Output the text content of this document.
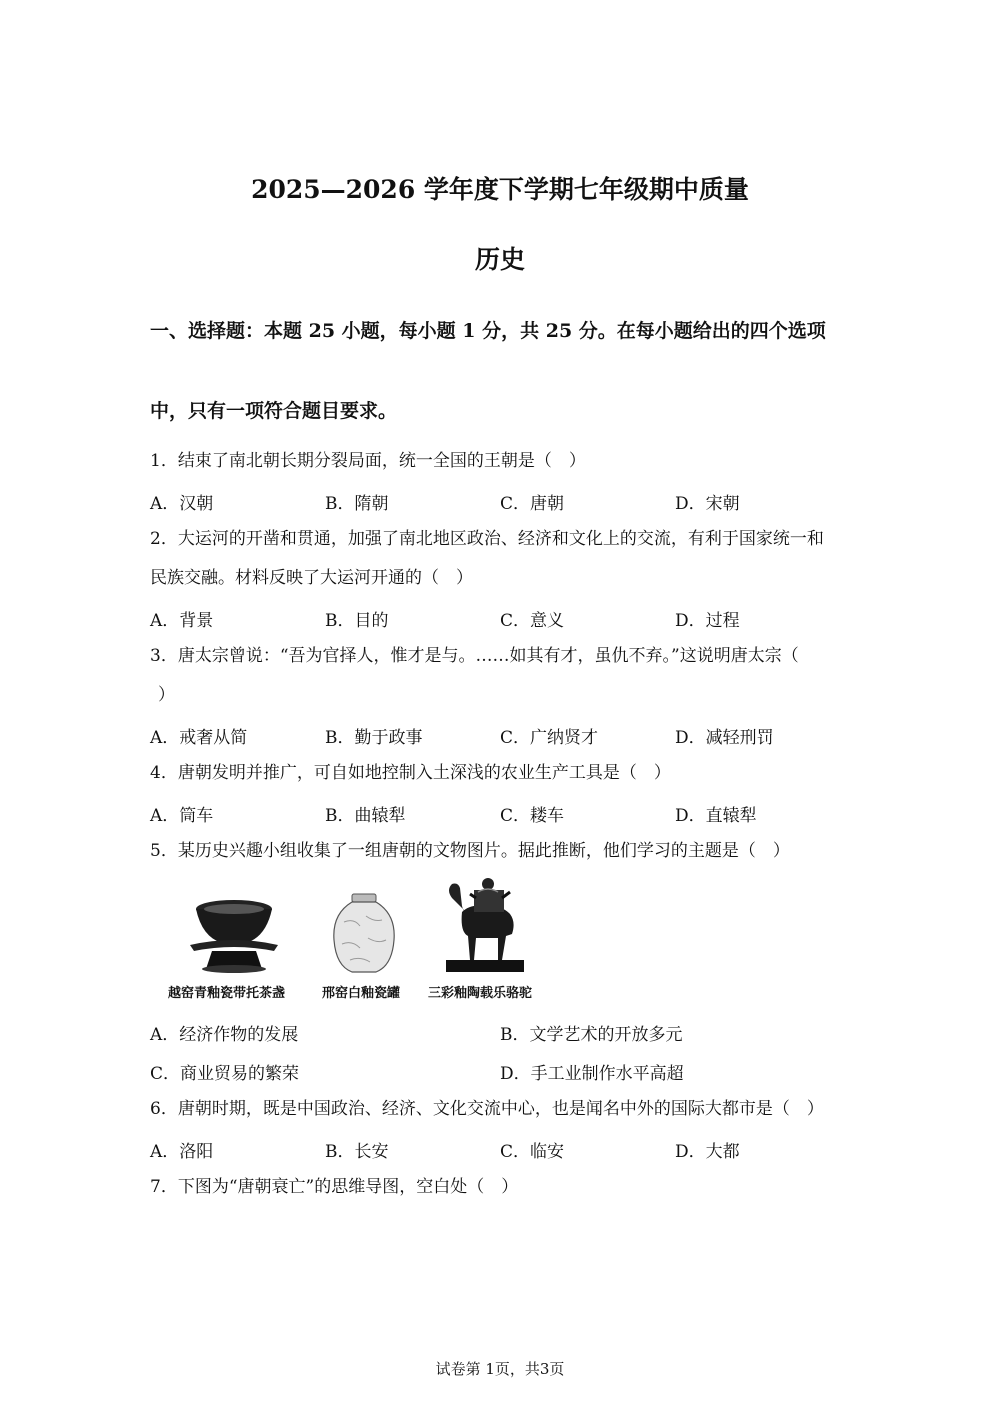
2025—2026 学年度下学期七年级期中质量
历史
一、选择题：本题 25 小题，每小题 1 分，共 25 分。在每小题给出的四个选项
中，只有一项符合题目要求。
1．结束了南北朝长期分裂局面，统一全国的王朝是（　）
A．汉朝	B．隋朝	C．唐朝	D．宋朝
2．大运河的开凿和贯通，加强了南北地区政治、经济和文化上的交流，有利于国家统一和
民族交融。材料反映了大运河开通的（　）
A．背景	B．目的	C．意义	D．过程
3．唐太宗曾说：“吾为官择人，惟才是与。……如其有才，虽仇不弃。”这说明唐太宗（
）
A．戒奢从简	B．勤于政事	C．广纳贤才	D．减轻刑罚
4．唐朝发明并推广，可自如地控制入土深浅的农业生产工具是（　）
A．筒车	B．曲辕犁	C．耧车	D．直辕犁
5．某历史兴趣小组收集了一组唐朝的文物图片。据此推断，他们学习的主题是（　）
越窑青釉瓷带托茶盏	邢窑白釉瓷罐 三彩釉陶载乐骆驼
A．经济作物的发展	B．文学艺术的开放多元
C．商业贸易的繁荣	D．手工业制作水平高超
6．唐朝时期，既是中国政治、经济、文化交流中心，也是闻名中外的国际大都市是（　）
A．洛阳	B．长安	C．临安	D．大都
7．下图为“唐朝衰亡”的思维导图，空白处（　）
试卷第 1页，共3页
